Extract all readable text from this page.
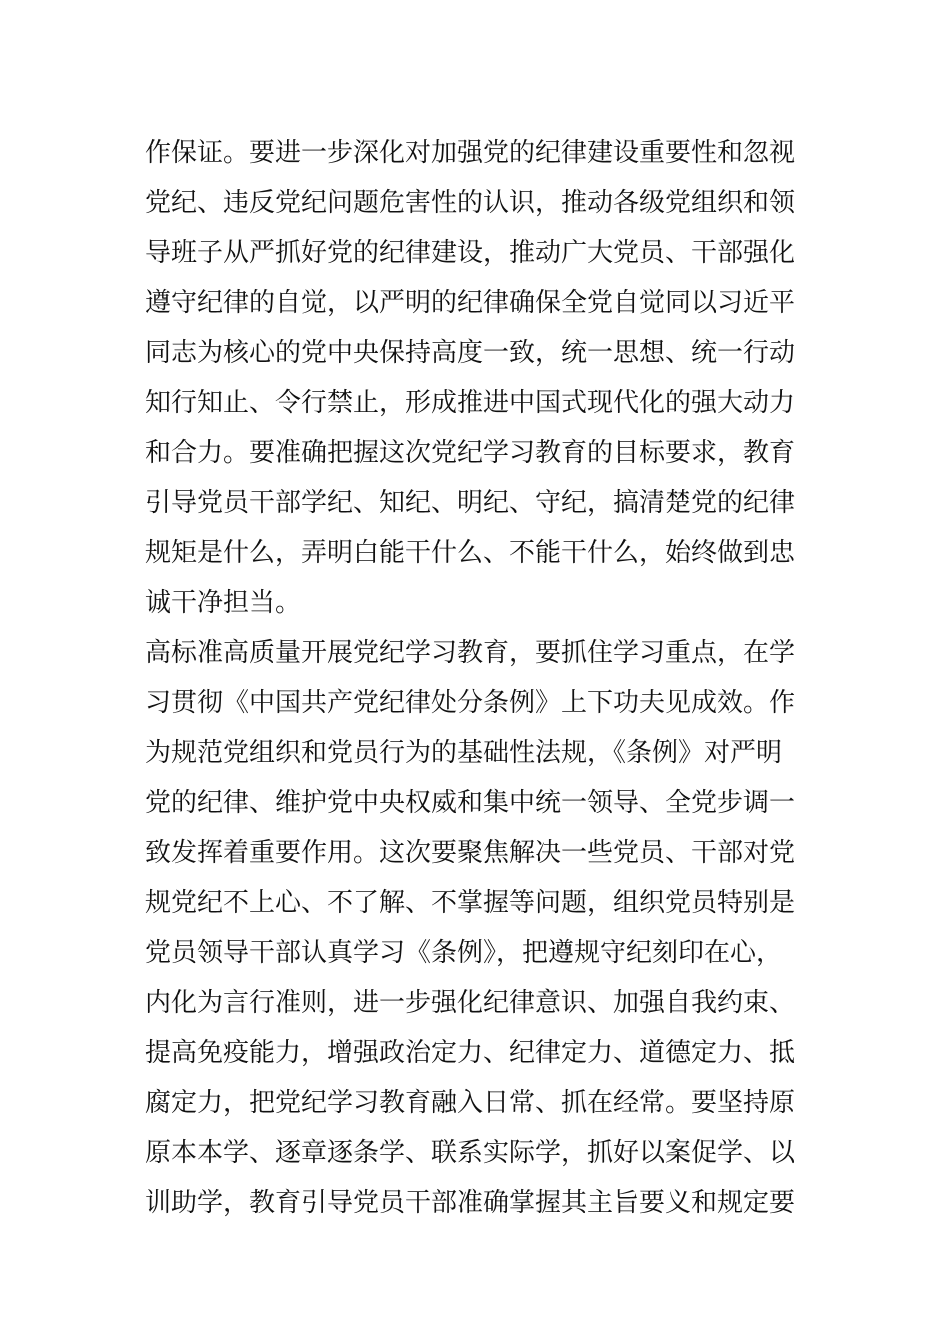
作保证。要进一步深化对加强党的纪律建设重要性和忽视
党纪、违反党纪问题危害性的认识，推动各级党组织和领
导班子从严抓好党的纪律建设，推动广大党员、干部强化
遵守纪律的自觉，以严明的纪律确保全党自觉同以习近平
同志为核心的党中央保持高度一致，统一思想、统一行动
知行知止、令行禁止，形成推进中国式现代化的强大动力
和合力。要准确把握这次党纪学习教育的目标要求，教育
引导党员干部学纪、知纪、明纪、守纪，搞清楚党的纪律
规矩是什么，弄明白能干什么、不能干什么，始终做到忠
诚干净担当。
高标准高质量开展党纪学习教育，要抓住学习重点，在学
习贯彻《中国共产党纪律处分条例》上下功夫见成效。作
为规范党组织和党员行为的基础性法规，《条例》对严明
党的纪律、维护党中央权威和集中统一领导、全党步调一
致发挥着重要作用。这次要聚焦解决一些党员、干部对党
规党纪不上心、不了解、不掌握等问题，组织党员特别是
党员领导干部认真学习《条例》，把遵规守纪刻印在心，
内化为言行准则，进一步强化纪律意识、加强自我约束、
提高免疫能力，增强政治定力、纪律定力、道德定力、抵
腐定力，把党纪学习教育融入日常、抓在经常。要坚持原
原本本学、逐章逐条学、联系实际学，抓好以案促学、以
训助学，教育引导党员干部准确掌握其主旨要义和规定要
